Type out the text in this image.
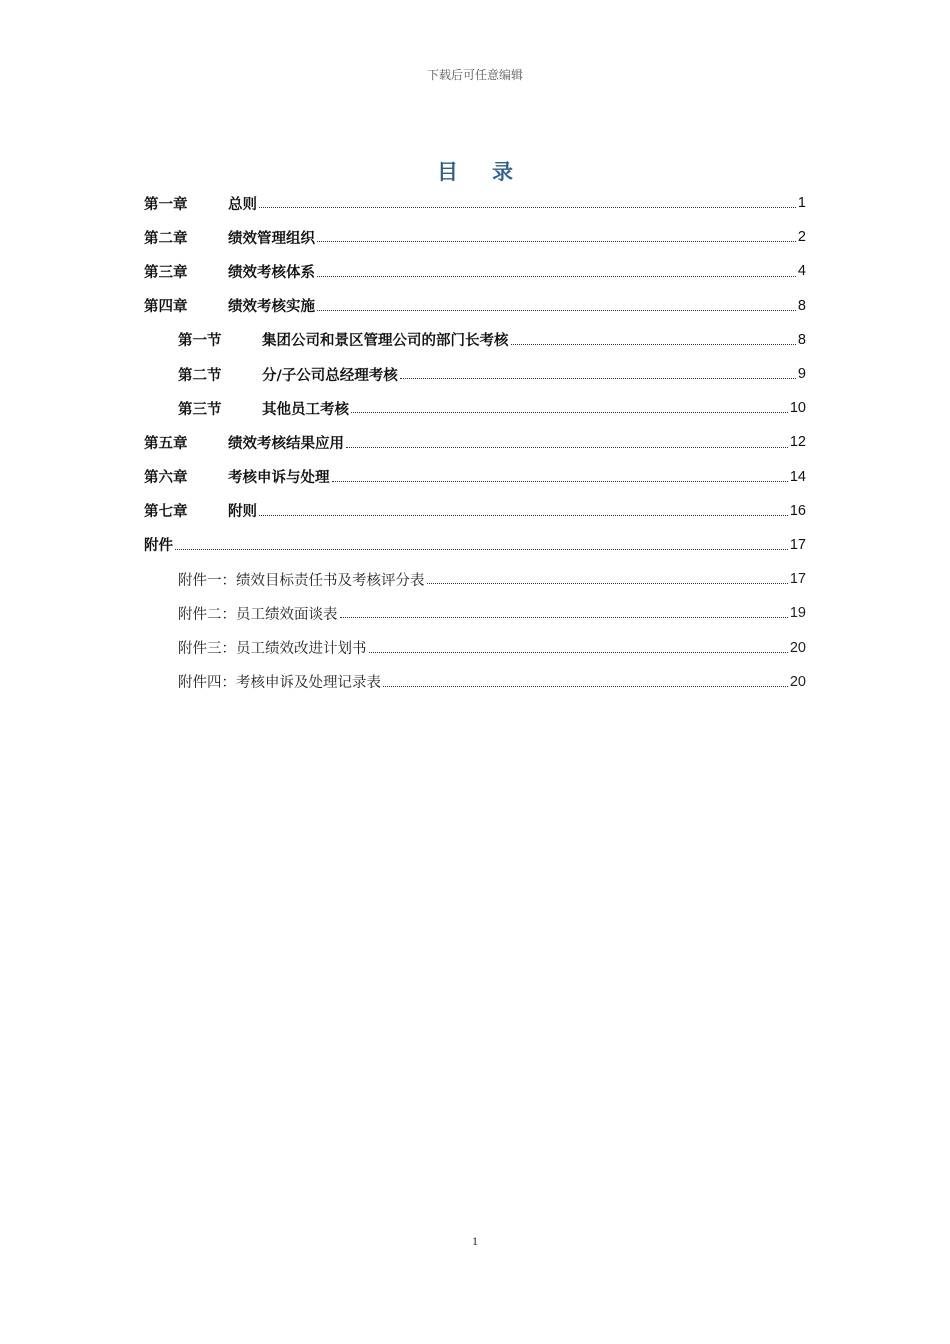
下载后可任意编辑
目 录
第一章	总则	1
第二章	绩效管理组织	2
第三章	绩效考核体系	4
第四章	绩效考核实施	8
第一节	集团公司和景区管理公司的部门长考核	8
第二节	分/子公司总经理考核	9
第三节	其他员工考核	10
第五章	绩效考核结果应用	12
第六章	考核申诉与处理	14
第七章	附则	16
附件	17
附件一：绩效目标责任书及考核评分表	17
附件二：员工绩效面谈表	19
附件三：员工绩效改进计划书	20
附件四：考核申诉及处理记录表	20
1
